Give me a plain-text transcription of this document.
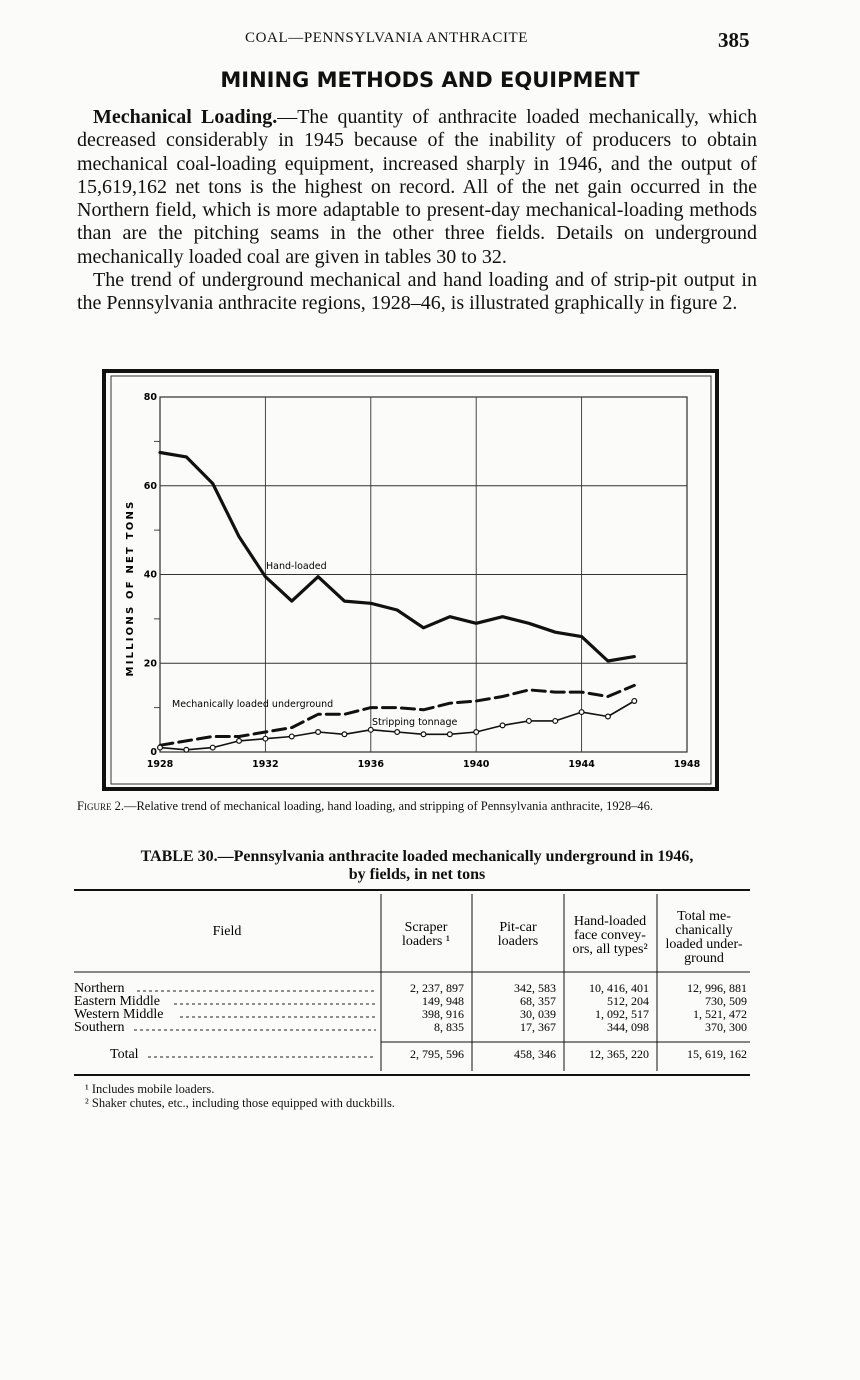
COAL—PENNSYLVANIA ANTHRACITE	385
MINING METHODS AND EQUIPMENT

Mechanical Loading.—The quantity of anthracite loaded mechanically, which decreased considerably in 1945 because of the inability of producers to obtain mechanical coal-loading equipment, increased sharply in 1946, and the output of 15,619,162 net tons is the highest on record. All of the net gain occurred in the Northern field, which is more adaptable to present-day mechanical-loading methods than are the pitching seams in the other three fields. Details on underground mechanically loaded coal are given in tables 30 to 32.

The trend of underground mechanical and hand loading and of strip-pit output in the Pennsylvania anthracite regions, 1928–46, is illustrated graphically in figure 2.

0
20
40
60
80
1928	1932	1936	1940	1944	1948
MILLIONS OF NET TONS	Hand-loaded
Mechanically loaded underground
Stripping tonnage

Figure 2.—Relative trend of mechanical loading, hand loading, and stripping of Pennsylvania anthracite, 1928–46.

TABLE 30.—Pennsylvania anthracite loaded mechanically underground in 1946,
by fields, in net tons

Field	Scraper
loaders ¹
Pit-car
loaders
Hand-loaded
face convey-
ors, all types²
Total me-
chanically
loaded under-
ground
Northern	2, 237, 897	342, 583	10, 416, 401	12, 996, 881
Eastern Middle	149, 948	68, 357	512, 204	730, 509
Western Middle	398, 916	30, 039	1, 092, 517	1, 521, 472
Southern	8, 835	17, 367	344, 098	370, 300
Total	2, 795, 596	458, 346	12, 365, 220	15, 619, 162
¹ Includes mobile loaders.
² Shaker chutes, etc., including those equipped with duckbills.
